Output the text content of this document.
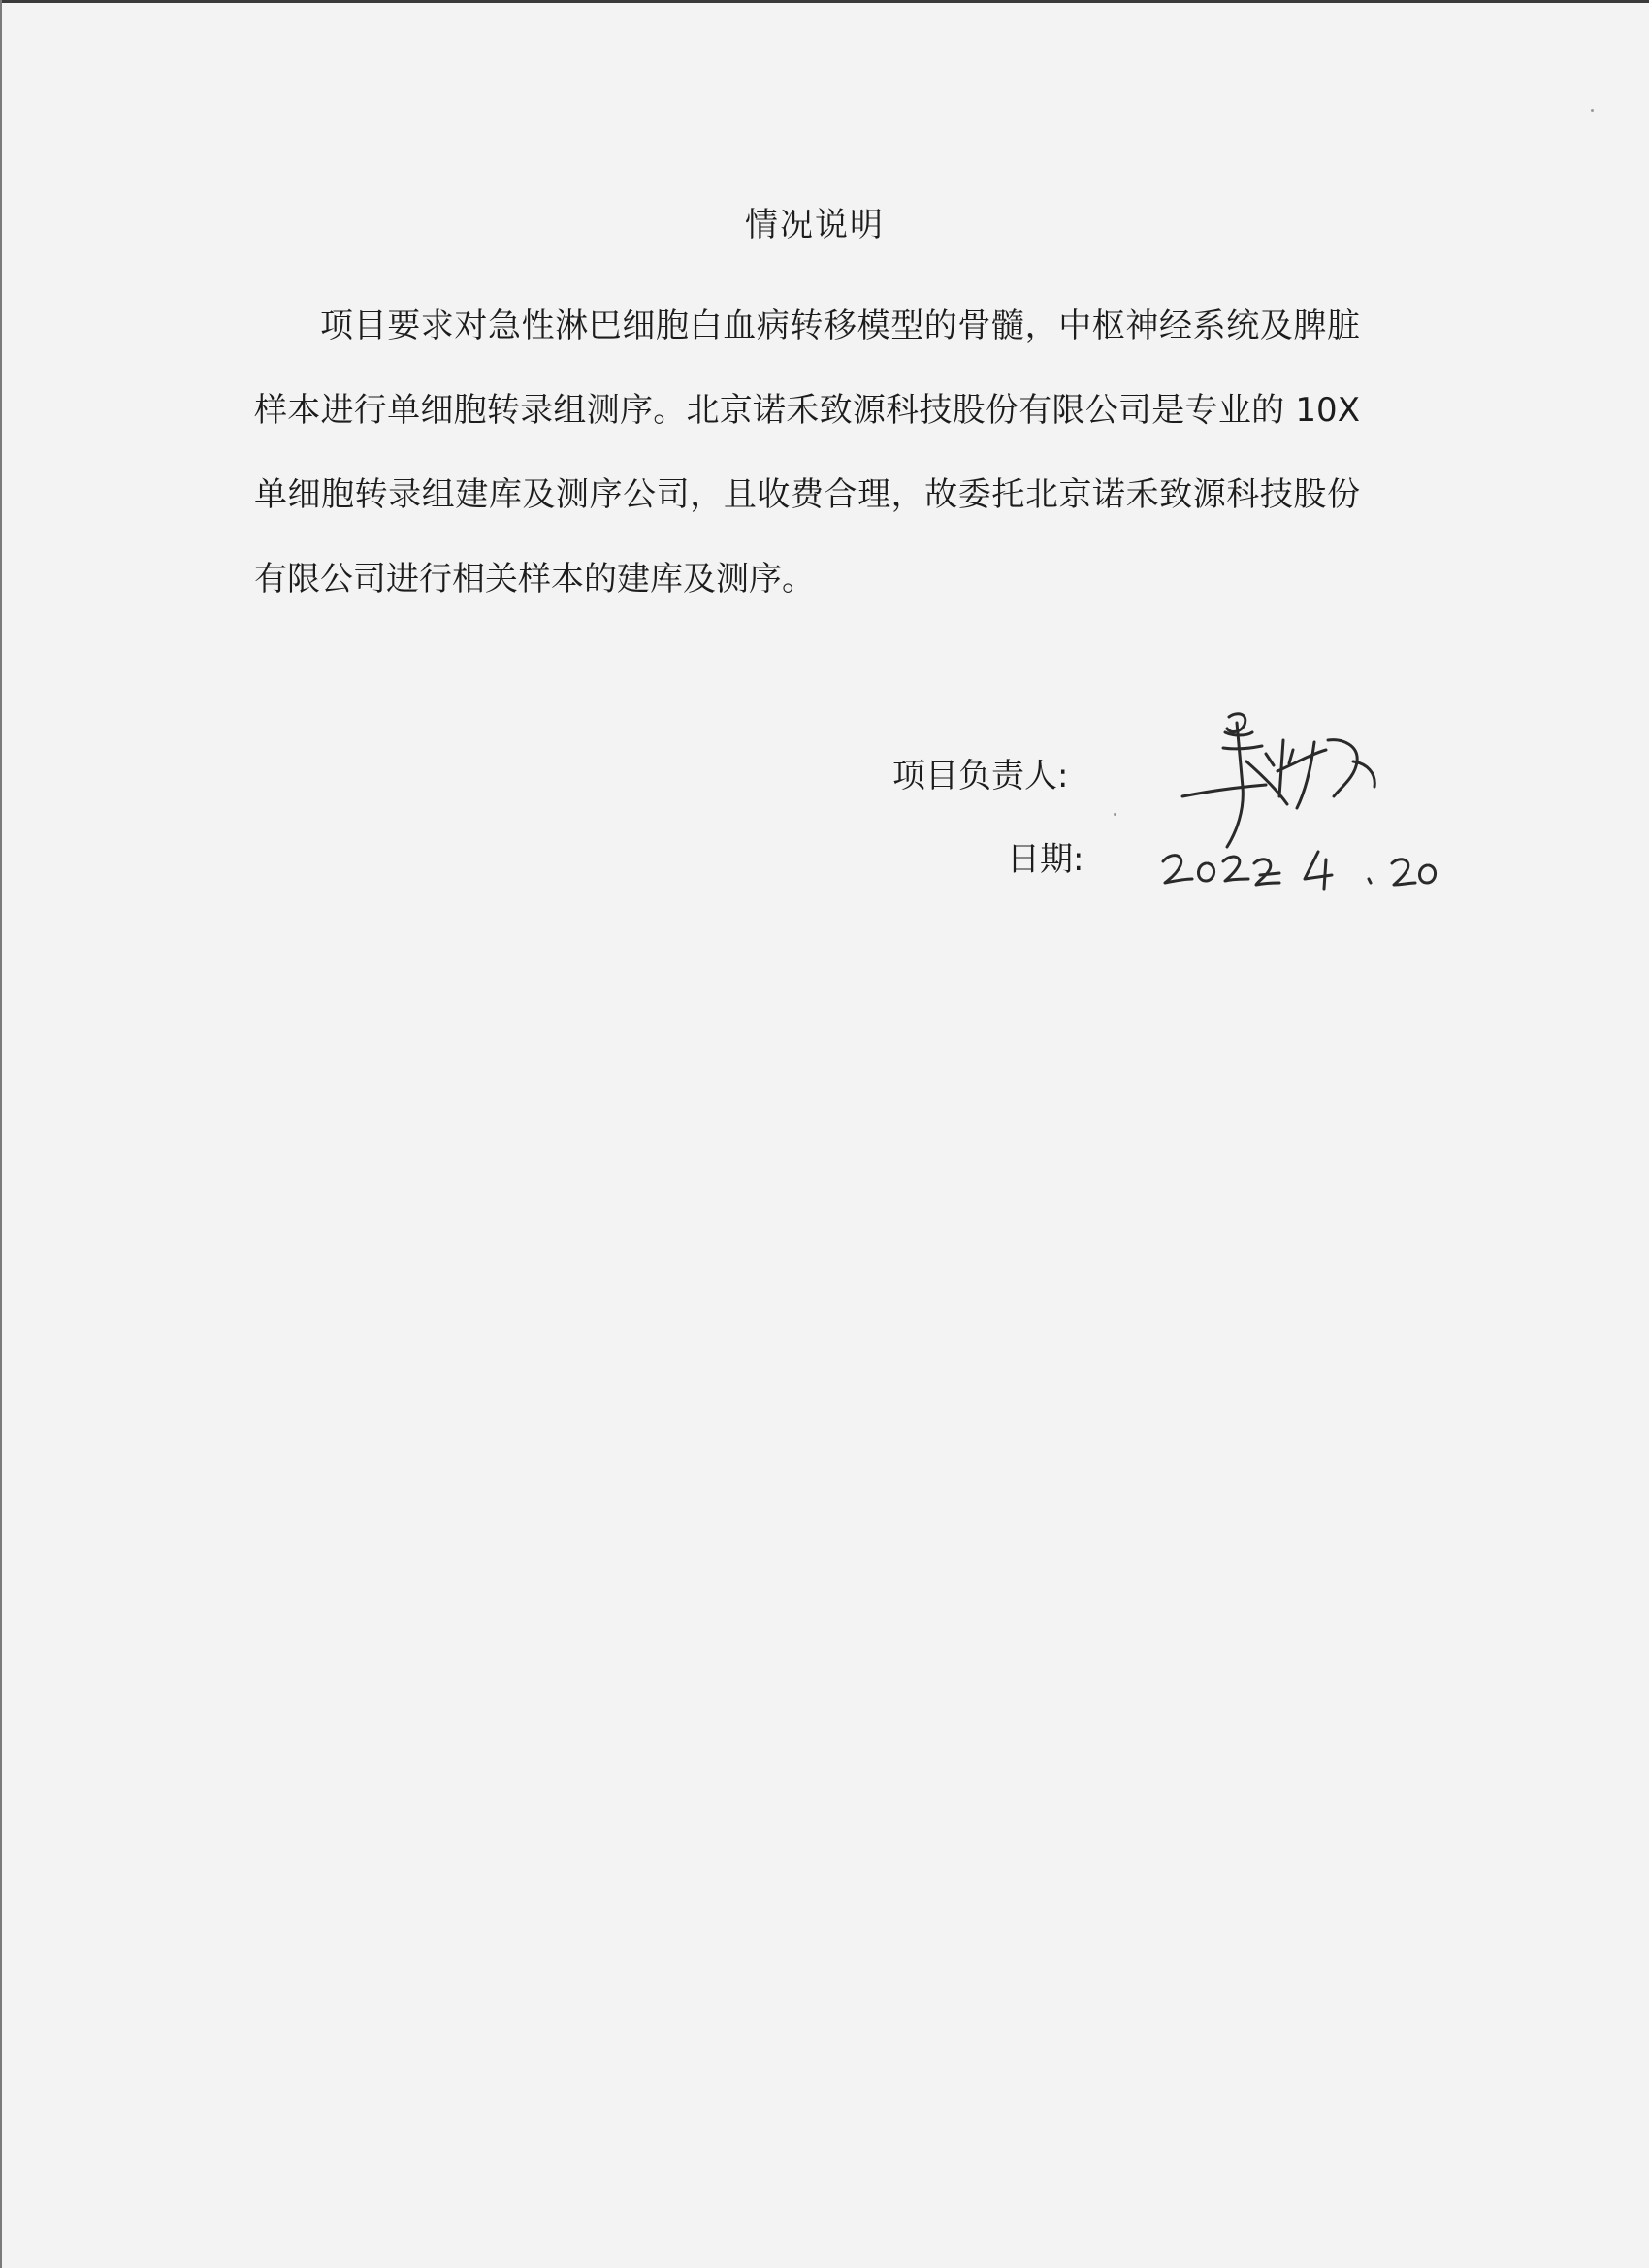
情况说明

项目要求对急性淋巴细胞白血病转移模型的骨髓，中枢神经系统及脾脏样本进行单细胞转录组测序。北京诺禾致源科技股份有限公司是专业的 10X 单细胞转录组建库及测序公司，且收费合理，故委托北京诺禾致源科技股份有限公司进行相关样本的建库及测序。

项目负责人:
日期:
